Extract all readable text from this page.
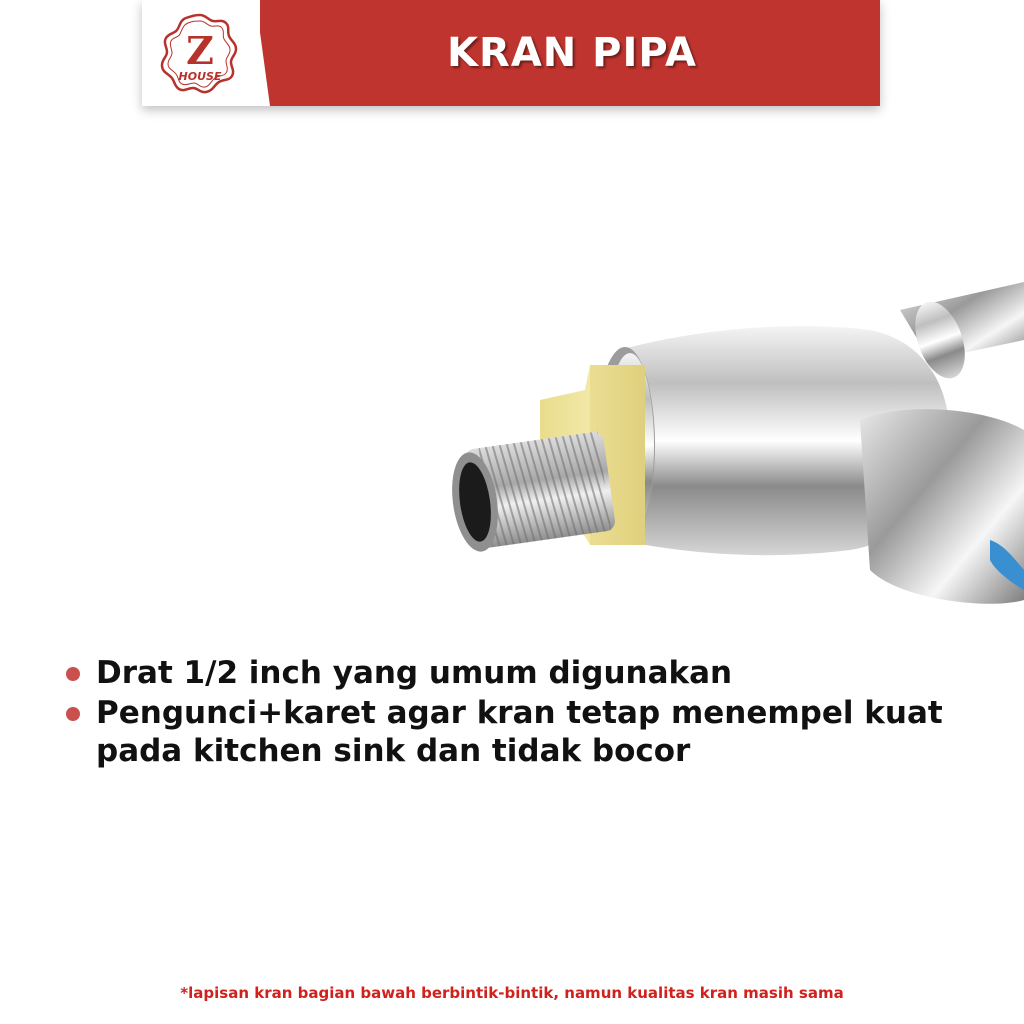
Z
HOUSE
KRAN PIPA
Drat 1/2 inch yang umum digunakan
Pengunci+karet agar kran tetap menempel kuat pada kitchen sink dan tidak bocor
*lapisan kran bagian bawah berbintik-bintik, namun kualitas kran masih sama
